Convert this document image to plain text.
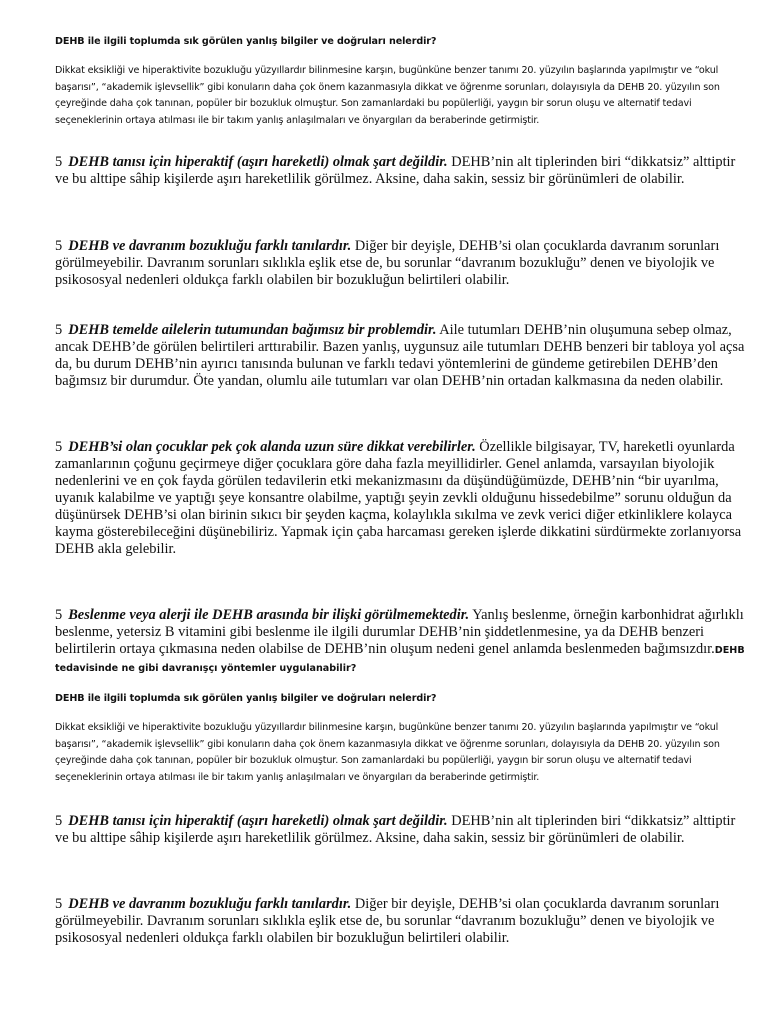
DEHB ile ilgili toplumda sık görülen yanlış bilgiler ve doğruları nelerdir?
Dikkat eksikliği ve hiperaktivite bozukluğu yüzyıllardır bilinmesine karşın, bugünküne benzer tanımı 20. yüzyılın başlarında yapılmıştır ve “okul başarısı”, “akademik işlevsellik” gibi konuların daha çok önem kazanmasıyla dikkat ve öğrenme sorunları, dolayısıyla da DEHB 20. yüzyılın son çeyreğinde daha çok tanınan, popüler bir bozukluk olmuştur. Son zamanlardaki bu popülerliği, yaygın bir sorun oluşu ve alternatif tedavi seçeneklerinin ortaya atılması ile bir takım yanlış anlaşılmaları ve önyargıları da beraberinde getirmiştir.
5 DEHB tanısı için hiperaktif (aşırı hareketli) olmak şart değildir. DEHB’nin alt tiplerinden biri “dikkatsiz” alttiptir ve bu alttipe sâhip kişilerde aşırı hareketlilik görülmez. Aksine, daha sakin, sessiz bir görünümleri de olabilir.
5 DEHB ve davranım bozukluğu farklı tanılardır. Diğer bir deyişle, DEHB’si olan çocuklarda davranım sorunları görülmeyebilir. Davranım sorunları sıklıkla eşlik etse de, bu sorunlar “davranım bozukluğu” denen ve biyolojik ve psikososyal nedenleri oldukça farklı olabilen bir bozukluğun belirtileri olabilir.
5 DEHB temelde ailelerin tutumundan bağımsız bir problemdir. Aile tutumları DEHB’nin oluşumuna sebep olmaz, ancak DEHB’de görülen belirtileri arttırabilir. Bazen yanlış, uygunsuz aile tutumları DEHB benzeri bir tabloya yol açsa da, bu durum DEHB’nin ayırıcı tanısında bulunan ve farklı tedavi yöntemlerini de gündeme getirebilen DEHB’den bağımsız bir durumdur. Öte yandan, olumlu aile tutumları var olan DEHB’nin ortadan kalkmasına da neden olabilir.
5 DEHB’si olan çocuklar pek çok alanda uzun süre dikkat verebilirler. Özellikle bilgisayar, TV, hareketli oyunlarda zamanlarının çoğunu geçirmeye diğer çocuklara göre daha fazla meyillidirler. Genel anlamda, varsayılan biyolojik nedenlerini ve en çok fayda görülen tedavilerin etki mekanizmasını da düşündüğümüzde, DEHB’nin “bir uyarılma, uyanık kalabilme ve yaptığı şeye konsantre olabilme, yaptığı şeyin zevkli olduğunu hissedebilme” sorunu olduğun da düşünürsek DEHB’si olan birinin sıkıcı bir şeyden kaçma, kolaylıkla sıkılma ve zevk verici diğer etkinliklere kolayca kayma gösterebileceğini düşünebiliriz. Yapmak için çaba harcaması gereken işlerde dikkatini sürdürmekte zorlanıyorsa DEHB akla gelebilir.
5 Beslenme veya alerji ile DEHB arasında bir ilişki görülmemektedir. Yanlış beslenme, örneğin karbonhidrat ağırlıklı beslenme, yetersiz B vitamini gibi beslenme ile ilgili durumlar DEHB’nin şiddetlenmesine, ya da DEHB benzeri belirtilerin ortaya çıkmasına neden olabilse de DEHB’nin oluşum nedeni genel anlamda beslenmeden bağımsızdır.DEHB tedavisinde ne gibi davranışçı yöntemler uygulanabilir?
DEHB ile ilgili toplumda sık görülen yanlış bilgiler ve doğruları nelerdir?
Dikkat eksikliği ve hiperaktivite bozukluğu yüzyıllardır bilinmesine karşın, bugünküne benzer tanımı 20. yüzyılın başlarında yapılmıştır ve “okul başarısı”, “akademik işlevsellik” gibi konuların daha çok önem kazanmasıyla dikkat ve öğrenme sorunları, dolayısıyla da DEHB 20. yüzyılın son çeyreğinde daha çok tanınan, popüler bir bozukluk olmuştur. Son zamanlardaki bu popülerliği, yaygın bir sorun oluşu ve alternatif tedavi seçeneklerinin ortaya atılması ile bir takım yanlış anlaşılmaları ve önyargıları da beraberinde getirmiştir.
5 DEHB tanısı için hiperaktif (aşırı hareketli) olmak şart değildir. DEHB’nin alt tiplerinden biri “dikkatsiz” alttiptir ve bu alttipe sâhip kişilerde aşırı hareketlilik görülmez. Aksine, daha sakin, sessiz bir görünümleri de olabilir.
5 DEHB ve davranım bozukluğu farklı tanılardır. Diğer bir deyişle, DEHB’si olan çocuklarda davranım sorunları görülmeyebilir. Davranım sorunları sıklıkla eşlik etse de, bu sorunlar “davranım bozukluğu” denen ve biyolojik ve psikososyal nedenleri oldukça farklı olabilen bir bozukluğun belirtileri olabilir.
